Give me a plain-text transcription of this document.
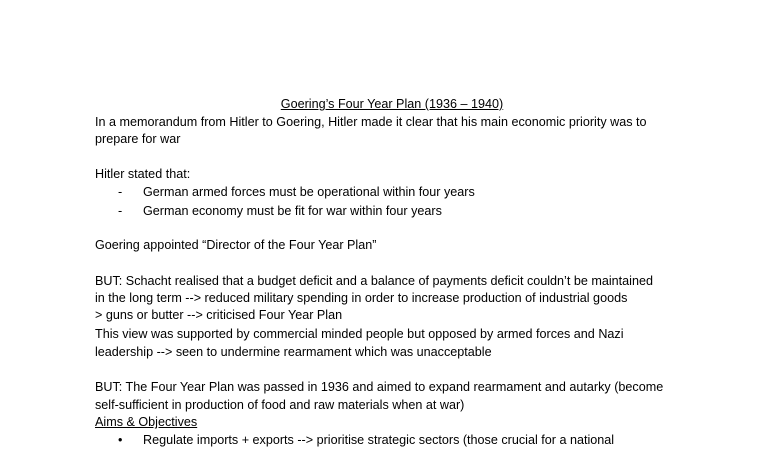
Goering’s Four Year Plan (1936 – 1940)
In a memorandum from Hitler to Goering, Hitler made it clear that his main economic priority was to
prepare for war
Hitler stated that:
- German armed forces must be operational within four years
- German economy must be fit for war within four years
Goering appointed “Director of the Four Year Plan”
BUT: Schacht realised that a budget deficit and a balance of payments deficit couldn’t be maintained
in the long term --> reduced military spending in order to increase production of industrial goods
> guns or butter --> criticised Four Year Plan
This view was supported by commercial minded people but opposed by armed forces and Nazi
leadership --> seen to undermine rearmament which was unacceptable
BUT: The Four Year Plan was passed in 1936 and aimed to expand rearmament and autarky (become
self-sufficient in production of food and raw materials when at war)
Aims & Objectives
• Regulate imports + exports --> prioritise strategic sectors (those crucial for a national
